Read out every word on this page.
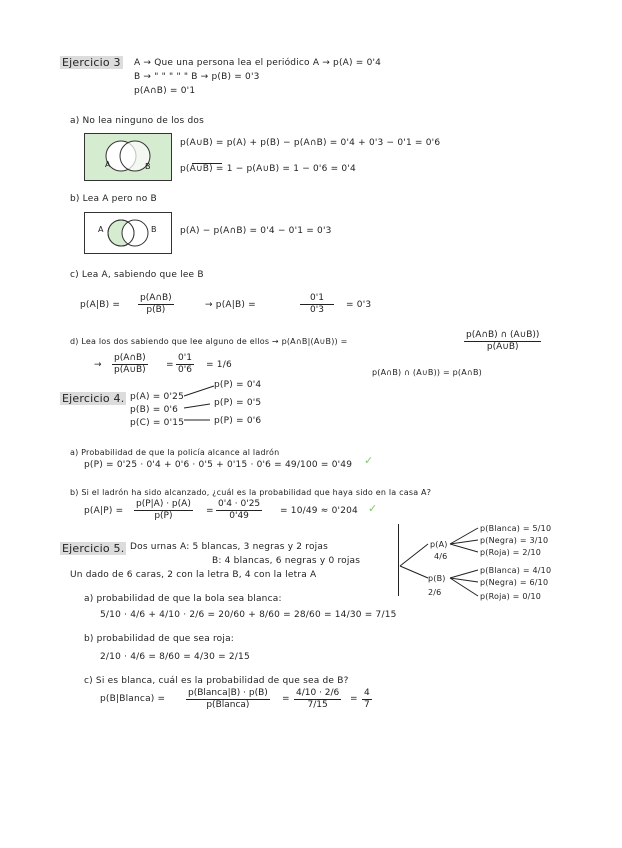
Ejercicio 3 A → Que una persona lea el periódico A → p(A) = 0'4
B → " " " " " B → p(B) = 0'3
p(A∩B) = 0'1
a) No lea ninguno de los dos
A	B
p(A∪B) = p(A) + p(B) − p(A∩B) = 0'4 + 0'3 − 0'1 = 0'6
p(A∪B) = 1 − p(A∪B) = 1 − 0'6 = 0'4
b) Lea A pero no B
A	B	p(A) − p(A∩B) = 0'4 − 0'1 = 0'3
c) Lea A, sabiendo que lee B
$p(A|B) = \frac{p(A\cap B)}{p(B)}$	→ p(A|B) =	$\frac{0'1}{0'3} = 0'3$
d) Lea los dos sabiendo que lee alguno de ellos → p(A∩B|(A∪B)) =	$\frac{p(A\cap B) \cap (A\cup B))}{p(A\cup B)}$
→ $\frac{p(A\cap B)}{p(A\cup B)} = \frac{0'1}{0'6} = 1/6$
p(A∩B) ∩ (A∪B)) = p(A∩B)
Ejercicio 4. p(A) = 0'25
p(B) = 0'6
p(C) = 0'15
p(P) = 0'4
p(P) = 0'5
p(P) = 0'6
a) Probabilidad de que la policía alcance al ladrón
p(P) = 0'25 · 0'4 + 0'6 · 0'5 + 0'15 · 0'6 = 49/100 = 0'49 ✓
b) Si el ladrón ha sido alcanzado, ¿cuál es la probabilidad que haya sido en la casa A?
$p(A|P) = \frac{p(P|A) \cdot p(A)}{p(P)} = \frac{0'4 \cdot 0'25}{0'49} = 10/49 \approx 0'204$ ✓
Ejercicio 5. Dos urnas A: 5 blancas, 3 negras y 2 rojas
B: 4 blancas, 6 negras y 0 rojas
Un dado de 6 caras, 2 con la letra B, 4 con la letra A
p(A)
4/6
p(B)
2/6
p(Blanca) = 5/10
p(Negra) = 3/10
p(Roja) = 2/10
p(Blanca) = 4/10
p(Negra) = 6/10
p(Roja) = 0/10
a) probabilidad de que la bola sea blanca:
5/10 · 4/6 + 4/10 · 2/6 = 20/60 + 8/60 = 28/60 = 14/30 = 7/15
b) probabilidad de que sea roja:
2/10 · 4/6 = 8/60 = 4/30 = 2/15
c) Si es blanca, cuál es la probabilidad de que sea de B?
p(B|Blanca) =
p(Blanca|B) · p(B)
p(Blanca)
= $\frac{4/10 \cdot 2/6}{7/15} = \frac{4}{7}$
